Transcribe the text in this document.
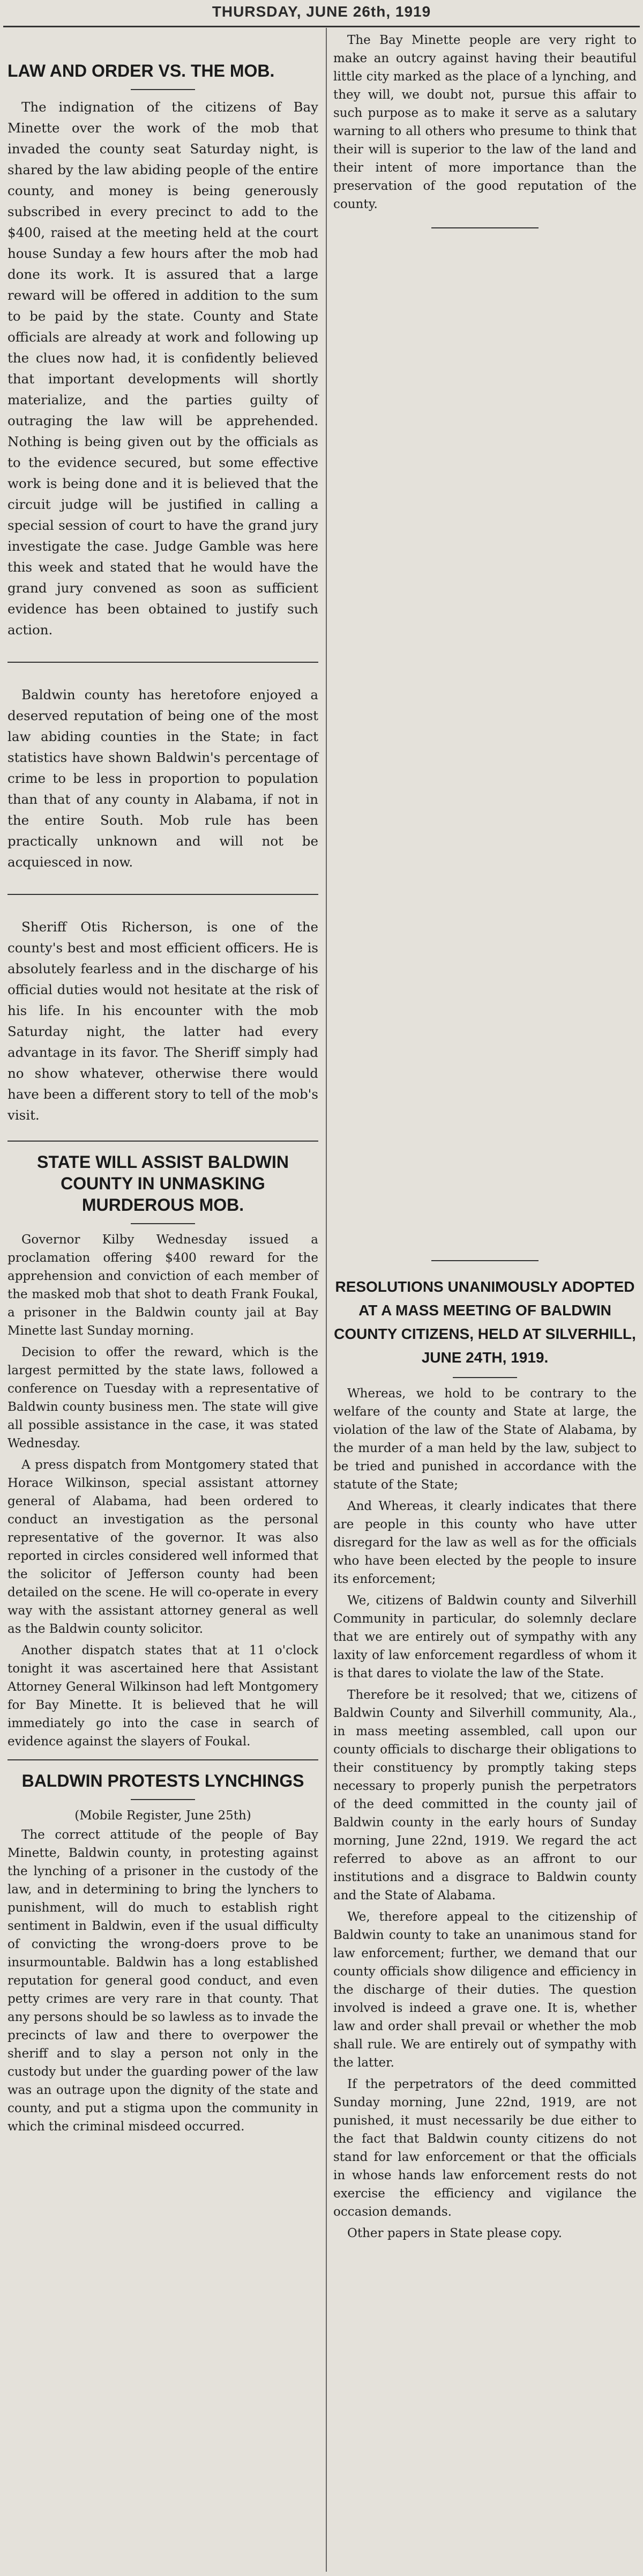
THURSDAY, JUNE 26th, 1919
LAW AND ORDER VS. THE MOB.

The indignation of the citizens of Bay Minette over the work of the mob that invaded the county seat Saturday night, is shared by the law abiding people of the entire county, and money is being generously subscribed in every precinct to add to the $400, raised at the meeting held at the court house Sunday a few hours after the mob had done its work. It is assured that a large reward will be offered in addition to the sum to be paid by the state. County and State officials are already at work and following up the clues now had, it is confidently believed that important developments will shortly materialize, and the parties guilty of outraging the law will be apprehended. Nothing is being given out by the officials as to the evidence secured, but some effective work is being done and it is believed that the circuit judge will be justified in calling a special session of court to have the grand jury investigate the case. Judge Gamble was here this week and stated that he would have the grand jury convened as soon as sufficient evidence has been obtained to justify such action.

Baldwin county has heretofore enjoyed a deserved reputation of being one of the most law abiding counties in the State; in fact statistics have shown Baldwin's percentage of crime to be less in proportion to population than that of any county in Alabama, if not in the entire South. Mob rule has been practically unknown and will not be acquiesced in now.

Sheriff Otis Richerson, is one of the county's best and most efficient officers. He is absolutely fearless and in the discharge of his official duties would not hesitate at the risk of his life. In his encounter with the mob Saturday night, the latter had every advantage in its favor. The Sheriff simply had no show whatever, otherwise there would have been a different story to tell of the mob's visit.

STATE WILL ASSIST BALDWIN COUNTY IN UNMASKING MURDEROUS MOB.

Governor Kilby Wednesday issued a proclamation offering $400 reward for the apprehension and conviction of each member of the masked mob that shot to death Frank Foukal, a prisoner in the Baldwin county jail at Bay Minette last Sunday morning.

Decision to offer the reward, which is the largest permitted by the state laws, followed a conference on Tuesday with a representative of Baldwin county business men. The state will give all possible assistance in the case, it was stated Wednesday.

A press dispatch from Montgomery stated that Horace Wilkinson, special assistant attorney general of Alabama, had been ordered to conduct an investigation as the personal representative of the governor. It was also reported in circles considered well informed that the solicitor of Jefferson county had been detailed on the scene. He will co-operate in every way with the assistant attorney general as well as the Baldwin county solicitor.

Another dispatch states that at 11 o'clock tonight it was ascertained here that Assistant Attorney General Wilkinson had left Montgomery for Bay Minette. It is believed that he will immediately go into the case in search of evidence against the slayers of Foukal.

BALDWIN PROTESTS LYNCHINGS
(Mobile Register, June 25th)

The correct attitude of the people of Bay Minette, Baldwin county, in protesting against the lynching of a prisoner in the custody of the law, and in determining to bring the lynchers to punishment, will do much to establish right sentiment in Baldwin, even if the usual difficulty of convicting the wrong-doers prove to be insurmountable. Baldwin has a long established reputation for general good conduct, and even petty crimes are very rare in that county. That any persons should be so lawless as to invade the precincts of law and there to overpower the sheriff and to slay a person not only in the custody but under the guarding power of the law was an outrage upon the dignity of the state and county, and put a stigma upon the community in which the criminal misdeed occurred.

The Bay Minette people are very right to make an outcry against having their beautiful little city marked as the place of a lynching, and they will, we doubt not, pursue this affair to such purpose as to make it serve as a salutary warning to all others who presume to think that their will is superior to the law of the land and their intent of more importance than the preservation of the good reputation of the county.

RESOLUTIONS UNANIMOUSLY ADOPTED AT A MASS MEETING OF BALDWIN COUNTY CITIZENS, HELD AT SILVERHILL, JUNE 24TH, 1919.

Whereas, we hold to be contrary to the welfare of the county and State at large, the violation of the law of the State of Alabama, by the murder of a man held by the law, subject to be tried and punished in accordance with the statute of the State;

And Whereas, it clearly indicates that there are people in this county who have utter disregard for the law as well as for the officials who have been elected by the people to insure its enforcement;

We, citizens of Baldwin county and Silverhill Community in particular, do solemnly declare that we are entirely out of sympathy with any laxity of law enforcement regardless of whom it is that dares to violate the law of the State.

Therefore be it resolved; that we, citizens of Baldwin County and Silverhill community, Ala., in mass meeting assembled, call upon our county officials to discharge their obligations to their constituency by promptly taking steps necessary to properly punish the perpetrators of the deed committed in the county jail of Baldwin county in the early hours of Sunday morning, June 22nd, 1919. We regard the act referred to above as an affront to our institutions and a disgrace to Baldwin county and the State of Alabama.

We, therefore appeal to the citizenship of Baldwin county to take an unanimous stand for law enforcement; further, we demand that our county officials show diligence and efficiency in the discharge of their duties. The question involved is indeed a grave one. It is, whether law and order shall prevail or whether the mob shall rule. We are entirely out of sympathy with the latter.

If the perpetrators of the deed committed Sunday morning, June 22nd, 1919, are not punished, it must necessarily be due either to the fact that Baldwin county citizens do not stand for law enforcement or that the officials in whose hands law enforcement rests do not exercise the efficiency and vigilance the occasion demands.

Other papers in State please copy.
